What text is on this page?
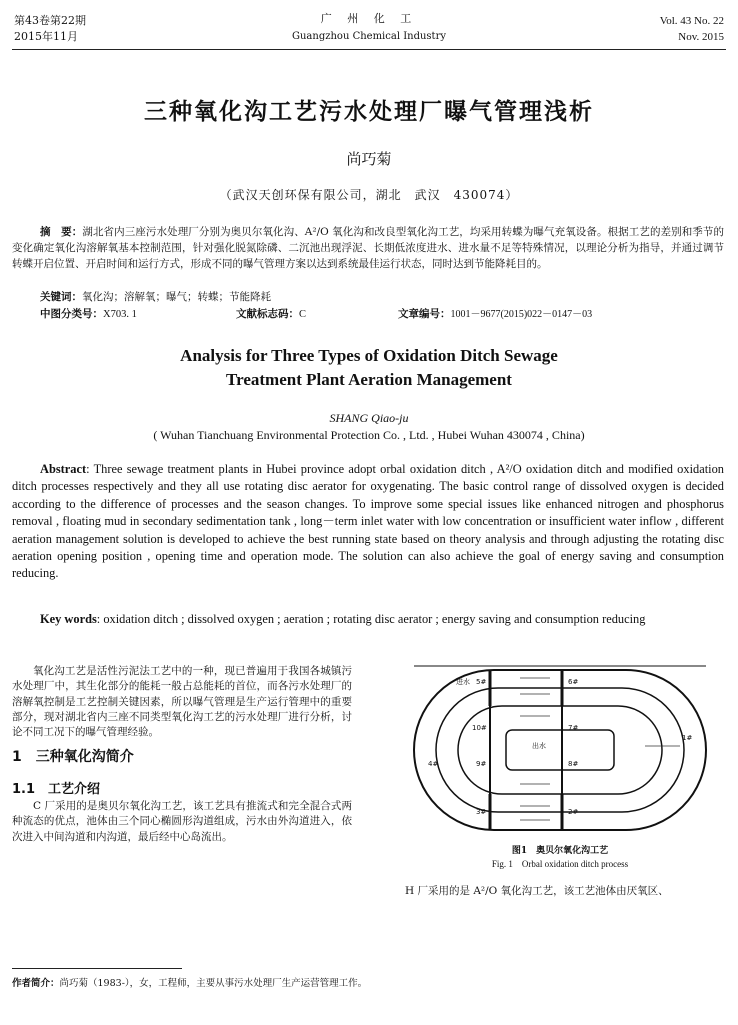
第43卷第22期
2015年11月
广 州 化 工
Guangzhou Chemical Industry
Vol. 43 No. 22
Nov. 2015
三种氧化沟工艺污水处理厂曝气管理浅析
尚巧菊
（武汉天创环保有限公司，湖北　武汉　430074）
摘　要：湖北省内三座污水处理厂分别为奥贝尔氧化沟、A²/O 氧化沟和改良型氧化沟工艺，均采用转蝶为曝气充氧设备。根据工艺的差别和季节的变化确定氧化沟溶解氧基本控制范围，针对强化脱氮除磷、二沉池出现浮泥、长期低浓度进水、进水量不足等特殊情况，以理论分析为指导，并通过调节转蝶开启位置、开启时间和运行方式，形成不同的曝气管理方案以达到系统最佳运行状态，同时达到节能降耗目的。
关键词：氧化沟；溶解氧；曝气；转蝶；节能降耗
中图分类号：X703. 1	文献标志码：C	文章编号：1001－9677(2015)022－0147－03
Analysis for Three Types of Oxidation Ditch Sewage
Treatment Plant Aeration Management
SHANG Qiao-ju
( Wuhan Tianchuang Environmental Protection Co. , Ltd. , Hubei Wuhan 430074 , China)
Abstract: Three sewage treatment plants in Hubei province adopt orbal oxidation ditch , A²/O oxidation ditch and modified oxidation ditch processes respectively and they all use rotating disc aerator for oxygenating. The basic control range of dissolved oxygen is decided according to the difference of processes and the season changes. To improve some special issues like enhanced nitrogen and phosphorus removal , floating mud in secondary sedimentation tank , long－term inlet water with low concentration or insufficient water inflow , different aeration management solution is developed to achieve the best running state based on theory analysis and through adjusting the rotating disc aeration opening position , opening time and operation mode. The solution can also achieve the goal of energy saving and consumption reducing.
Key words: oxidation ditch ; dissolved oxygen ; aeration ; rotating disc aerator ; energy saving and consumption reducing
氧化沟工艺是活性污泥法工艺中的一种，现已普遍用于我国各城镇污水处理厂中，其生化部分的能耗一般占总能耗的首位，而各污水处理厂的溶解氧控制是工艺控制关键因素，所以曝气管理是生产运行管理中的重要部分，现对湖北省内三座不同类型氧化沟工艺的污水处理厂进行分析，讨论不同工况下的曝气管理经验。
1　三种氧化沟简介
1.1　工艺介绍
C 厂采用的是奥贝尔氧化沟工艺，该工艺具有推流式和完全混合式两种流态的优点，池体由三个同心椭圆形沟道组成，污水由外沟道进入，依次进入中间沟道和内沟道，最后经中心岛流出。
进水 5#	6#
10#	7#
出水
1#
4#	9#	8#
3#	2#
图1　奥贝尔氧化沟工艺
Fig. 1　Orbal oxidation ditch process
H 厂采用的是 A²/O 氧化沟工艺，该工艺池体由厌氧区、
作者简介：尚巧菊（1983-），女，工程师，主要从事污水处理厂生产运营管理工作。
